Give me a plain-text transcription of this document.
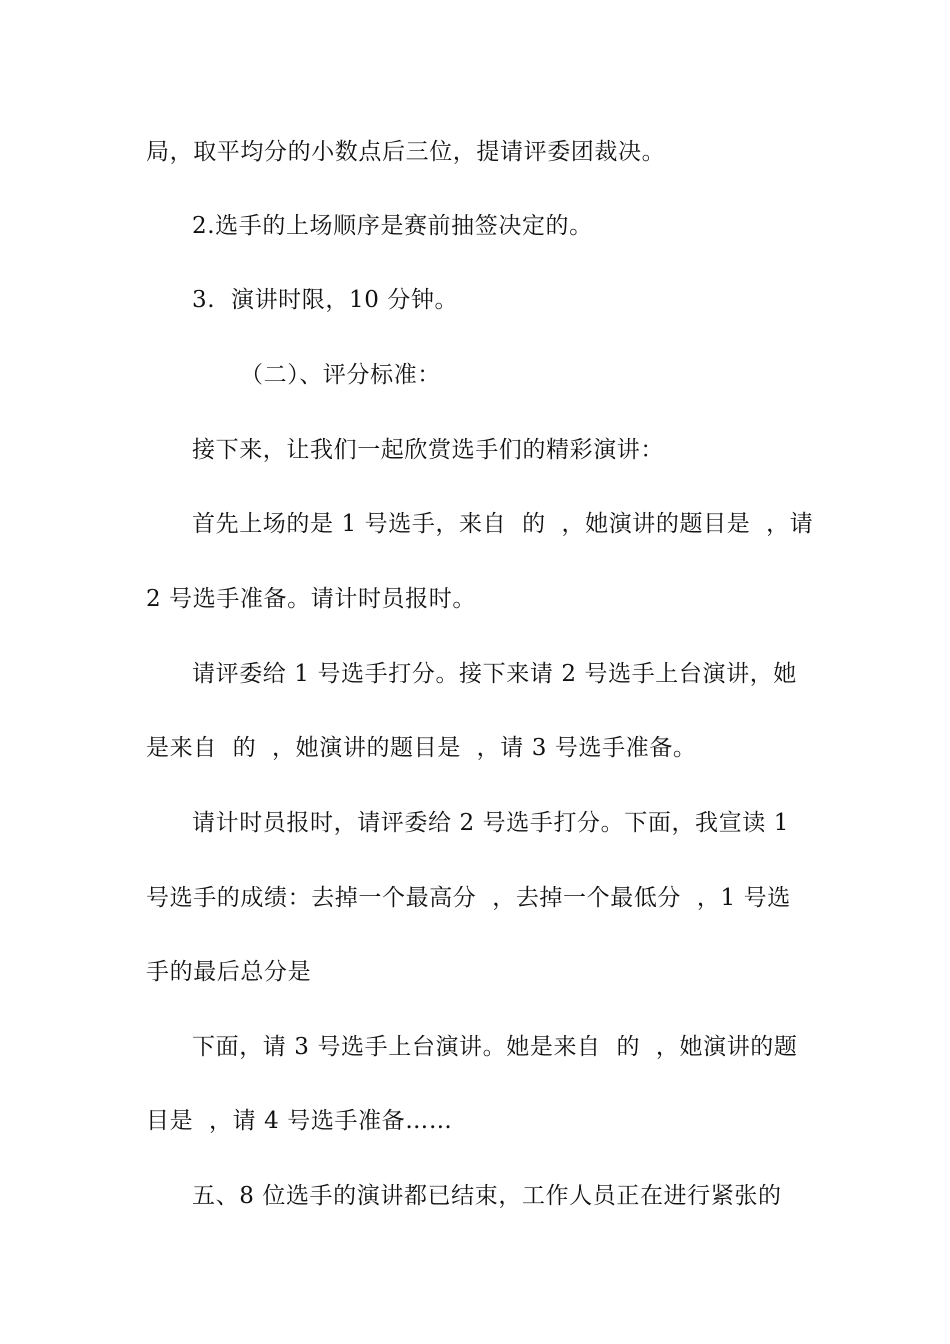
局，取平均分的小数点后三位，提请评委团裁决。
2.选手的上场顺序是赛前抽签决定的。
3.  演讲时限，10 分钟。
（二）、评分标准：
接下来，让我们一起欣赏选手们的精彩演讲：
首先上场的是 1 号选手，来自  的  ，她演讲的题目是  ，请
2 号选手准备。请计时员报时。
请评委给 1 号选手打分。接下来请 2 号选手上台演讲，她
是来自  的  ，她演讲的题目是  ，请 3 号选手准备。
请计时员报时，请评委给 2 号选手打分。下面，我宣读 1
号选手的成绩：去掉一个最高分  ，去掉一个最低分  ，1 号选
手的最后总分是
下面，请 3 号选手上台演讲。她是来自  的  ，她演讲的题
目是  ，请 4 号选手准备……
五、8 位选手的演讲都已结束，工作人员正在进行紧张的
